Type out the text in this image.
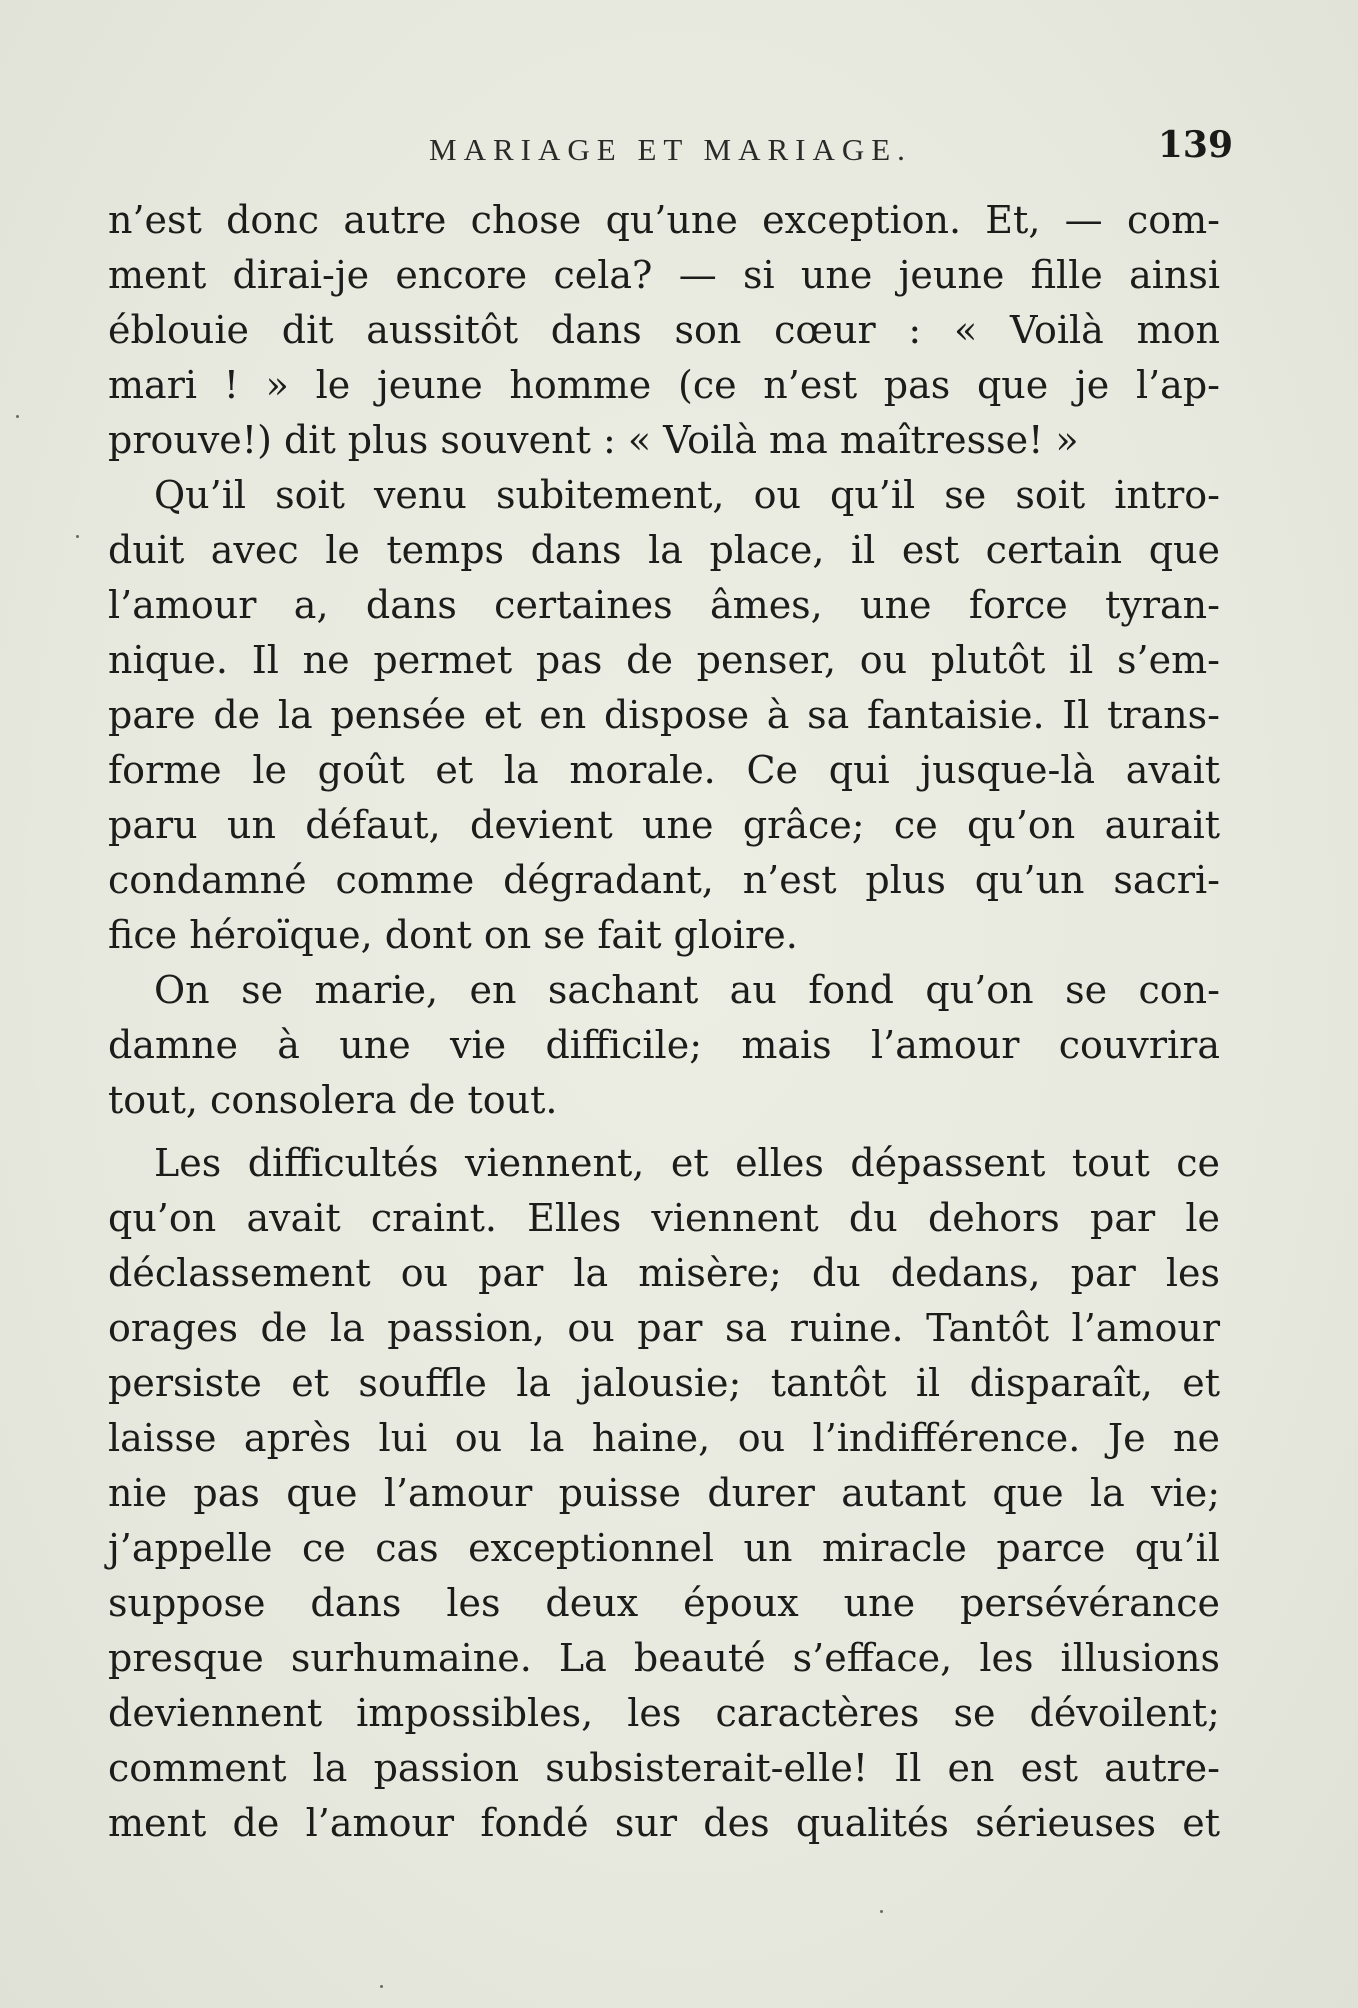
MARIAGE ET MARIAGE.	139
n’est donc autre chose qu’une exception. Et, — com-
ment dirai-je encore cela? — si une jeune fille ainsi
éblouie dit aussitôt dans son cœur : « Voilà mon
mari ! » le jeune homme (ce n’est pas que je l’ap-
prouve!) dit plus souvent : « Voilà ma maîtresse! »
Qu’il soit venu subitement, ou qu’il se soit intro-
duit avec le temps dans la place, il est certain que
l’amour a, dans certaines âmes, une force tyran-
nique. Il ne permet pas de penser, ou plutôt il s’em-
pare de la pensée et en dispose à sa fantaisie. Il trans-
forme le goût et la morale. Ce qui jusque-là avait
paru un défaut, devient une grâce; ce qu’on aurait
condamné comme dégradant, n’est plus qu’un sacri-
fice héroïque, dont on se fait gloire.
On se marie, en sachant au fond qu’on se con-
damne à une vie difficile; mais l’amour couvrira
tout, consolera de tout.
Les difficultés viennent, et elles dépassent tout ce
qu’on avait craint. Elles viennent du dehors par le
déclassement ou par la misère; du dedans, par les
orages de la passion, ou par sa ruine. Tantôt l’amour
persiste et souffle la jalousie; tantôt il disparaît, et
laisse après lui ou la haine, ou l’indifférence. Je ne
nie pas que l’amour puisse durer autant que la vie;
j’appelle ce cas exceptionnel un miracle parce qu’il
suppose dans les deux époux une persévérance
presque surhumaine. La beauté s’efface, les illusions
deviennent impossibles, les caractères se dévoilent;
comment la passion subsisterait-elle! Il en est autre-
ment de l’amour fondé sur des qualités sérieuses et
